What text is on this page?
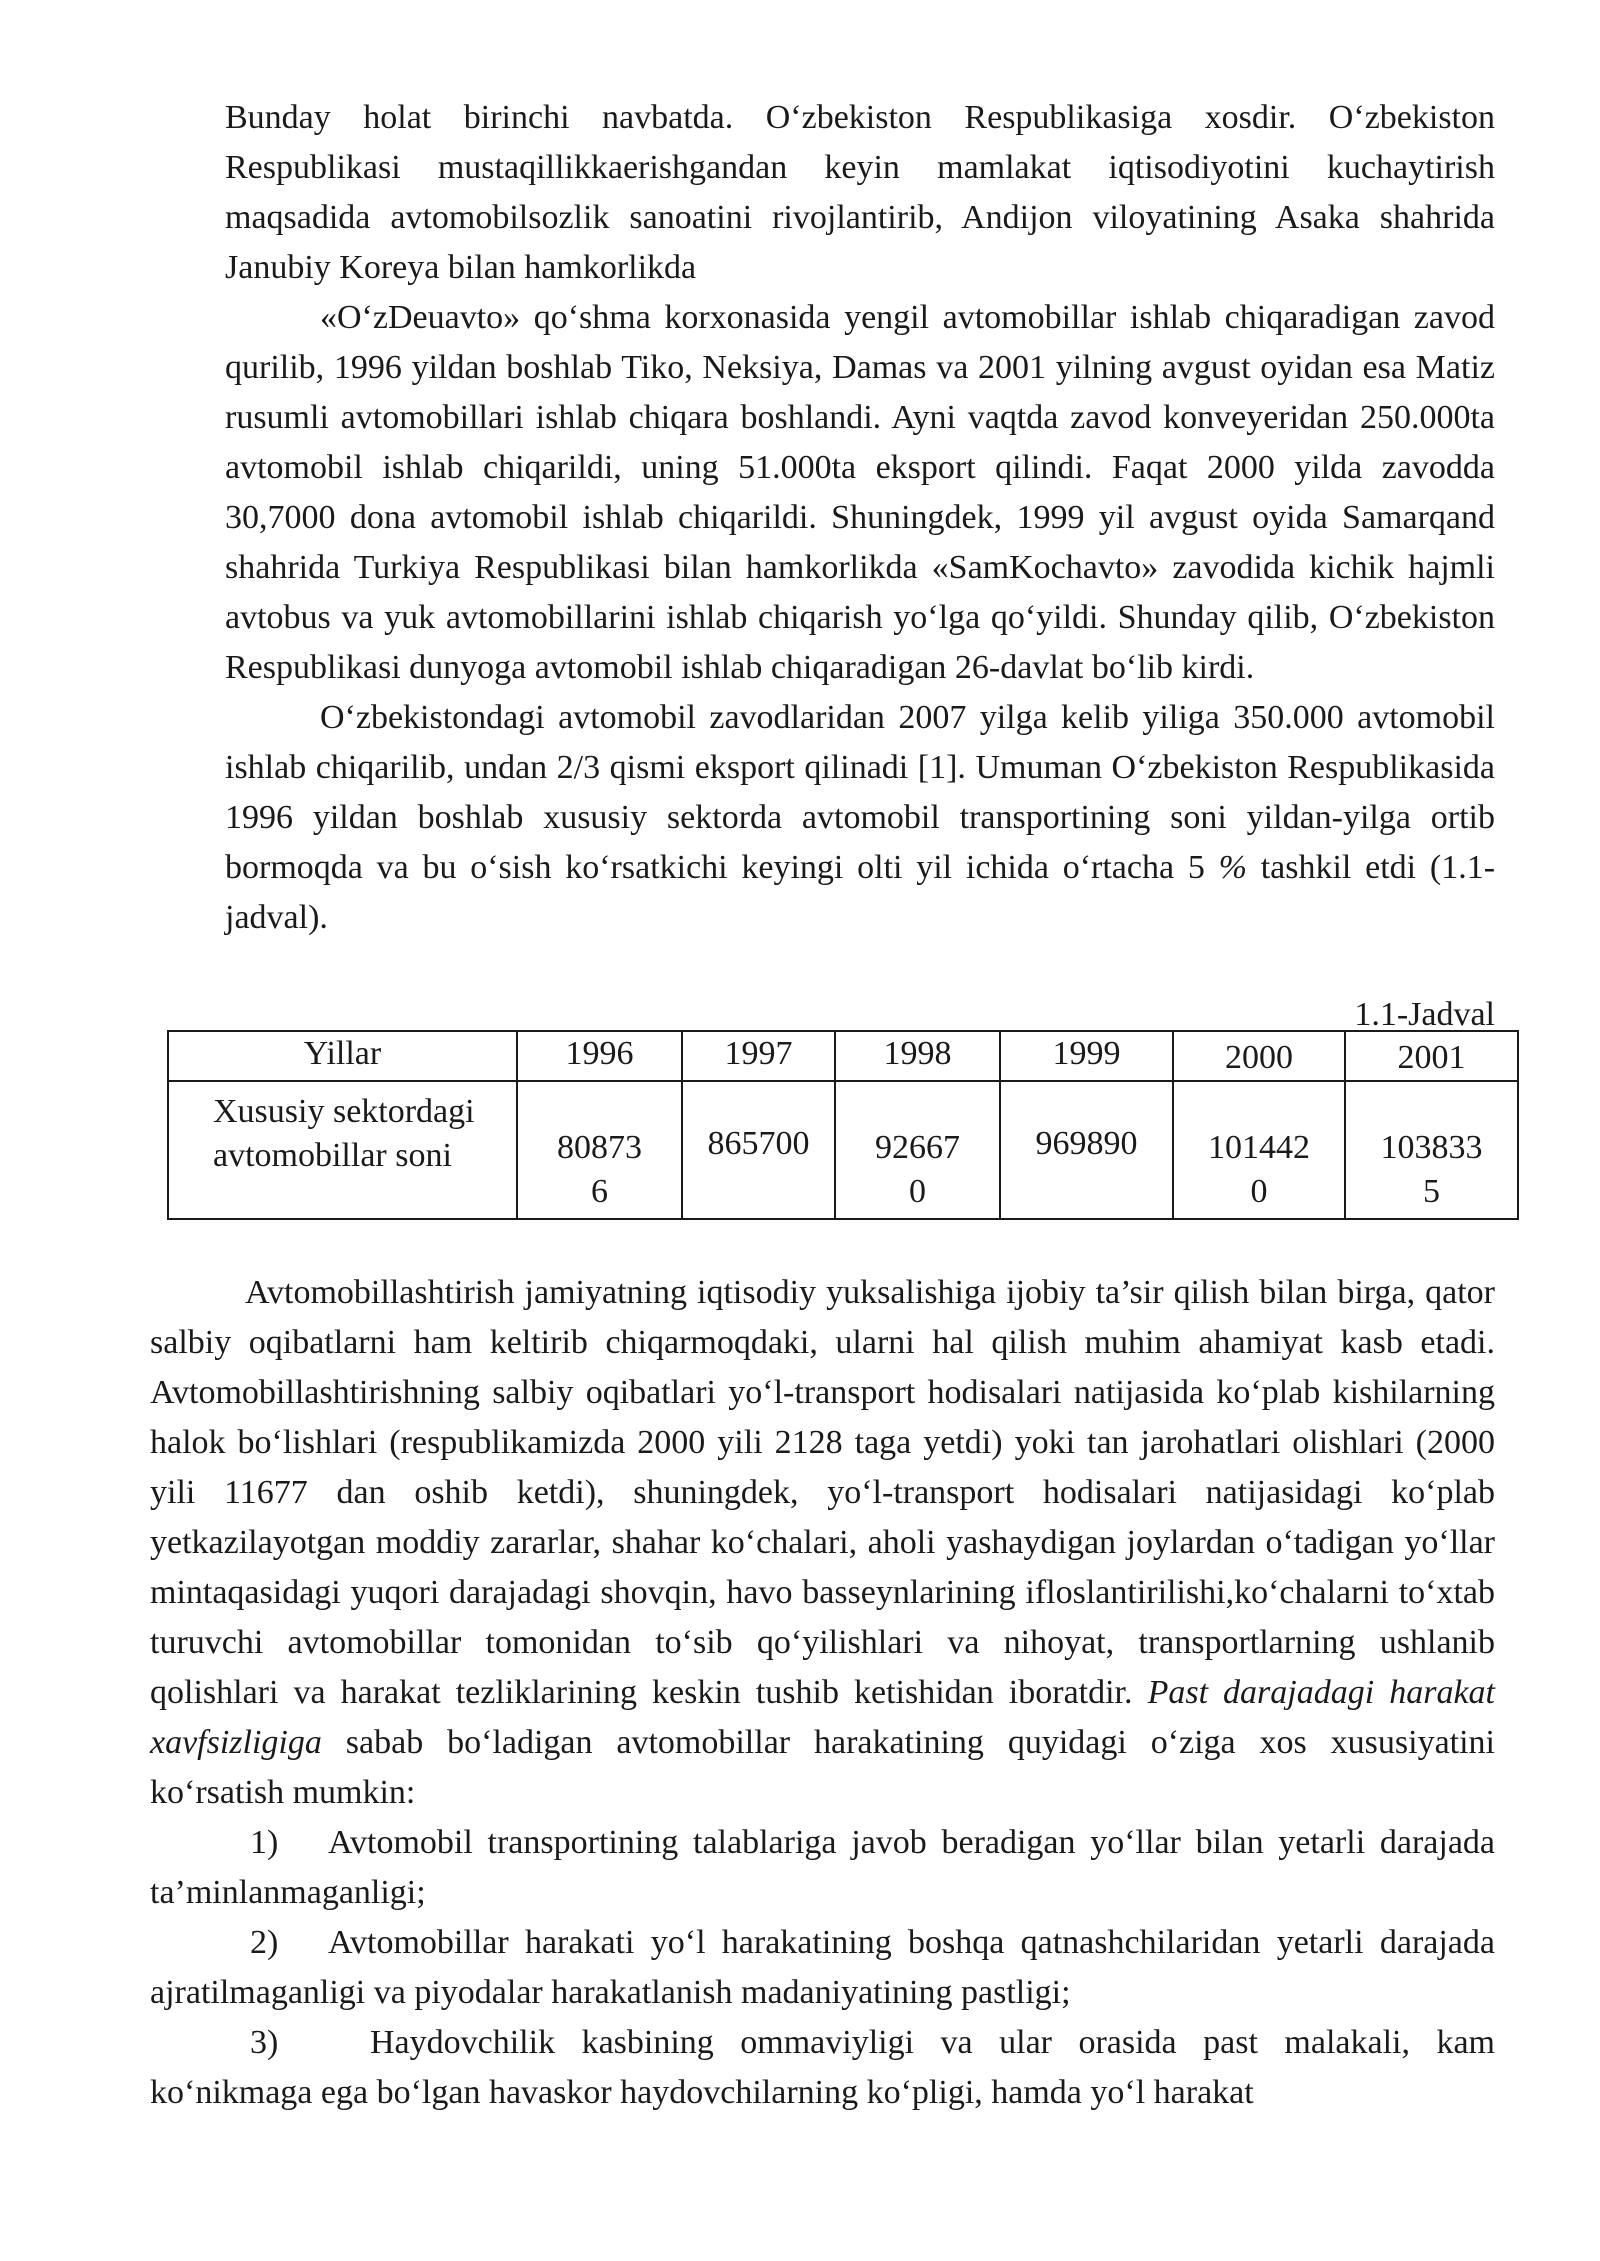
Bunday holat birinchi navbatda. O‘zbekiston Respublikasiga xosdir. O‘zbekiston Respublikasi mustaqillikkaerishgandan keyin mamlakat iqtisodiyotini kuchaytirish maqsadida avtomobilsozlik sanoatini rivojlantirib, Andijon viloyatining Asaka shahrida Janubiy Koreya bilan hamkorlikda

«O‘zDeuavto» qo‘shma korxonasida yengil avtomobillar ishlab chiqaradigan zavod qurilib, 1996 yildan boshlab Tiko, Neksiya, Damas va 2001 yilning avgust oyidan esa Matiz rusumli avtomobillari ishlab chiqara boshlandi. Ayni vaqtda zavod konveyeridan 250.000ta avtomobil ishlab chiqarildi, uning 51.000ta eksport qilindi. Faqat 2000 yilda zavodda 30,7000 dona avtomobil ishlab chiqarildi. Shuningdek, 1999 yil avgust oyida Samarqand shahrida Turkiya Respublikasi bilan hamkorlikda «SamKochavto» zavodida kichik hajmli avtobus va yuk avtomobillarini ishlab chiqarish yo‘lga qo‘yildi. Shunday qilib, O‘zbekiston Respublikasi dunyoga avtomobil ishlab chiqaradigan 26-davlat bo‘lib kirdi.

O‘zbekistondagi avtomobil zavodlaridan 2007 yilga kelib yiliga 350.000 avtomobil ishlab chiqarilib, undan 2/3 qismi eksport qilinadi [1]. Umuman O‘zbekiston Respublikasida 1996 yildan boshlab xususiy sektorda avtomobil transportining soni yildan-yilga ortib bormoqda va bu o‘sish ko‘rsatkichi keyingi olti yil ichida o‘rtacha 5 % tashkil etdi (1.1-jadval).

1.1-Jadval

Yillar	1996	1997	1998	1999	2000	2001
Xususiy sektordagi avtomobillar soni	808736	865700	926670	969890	1014420	1038335

Avtomobillashtirish jamiyatning iqtisodiy yuksalishiga ijobiy ta’sir qilish bilan birga, qator salbiy oqibatlarni ham keltirib chiqarmoqdaki, ularni hal qilish muhim ahamiyat kasb etadi. Avtomobillashtirishning salbiy oqibatlari yo‘l-transport hodisalari natijasida ko‘plab kishilarning halok bo‘lishlari (respublikamizda 2000 yili 2128 taga yetdi) yoki tan jarohatlari olishlari (2000 yili 11677 dan oshib ketdi), shuningdek, yo‘l-transport hodisalari natijasidagi ko‘plab yetkazilayotgan moddiy zararlar, shahar ko‘chalari, aholi yashaydigan joylardan o‘tadigan yo‘llar mintaqasidagi yuqori darajadagi shovqin, havo basseynlarining ifloslantirilishi,ko‘chalarni to‘xtab turuvchi avtomobillar tomonidan to‘sib qo‘yilishlari va nihoyat, transportlarning ushlanib qolishlari va harakat tezliklarining keskin tushib ketishidan iboratdir. Past darajadagi harakat xavfsizligiga sabab bo‘ladigan avtomobillar harakatining quyidagi o‘ziga xos xususiyatini ko‘rsatish mumkin:

1) Avtomobil transportining talablariga javob beradigan yo‘llar bilan yetarli darajada ta’minlanmaganligi;

2) Avtomobillar harakati yo‘l harakatining boshqa qatnashchilaridan yetarli darajada ajratilmaganligi va piyodalar harakatlanish madaniyatining pastligi;

3)	Haydovchilik kasbining ommaviyligi va ular orasida past malakali, kam ko‘nikmaga ega bo‘lgan havaskor haydovchilarning ko‘pligi, hamda yo‘l harakat
